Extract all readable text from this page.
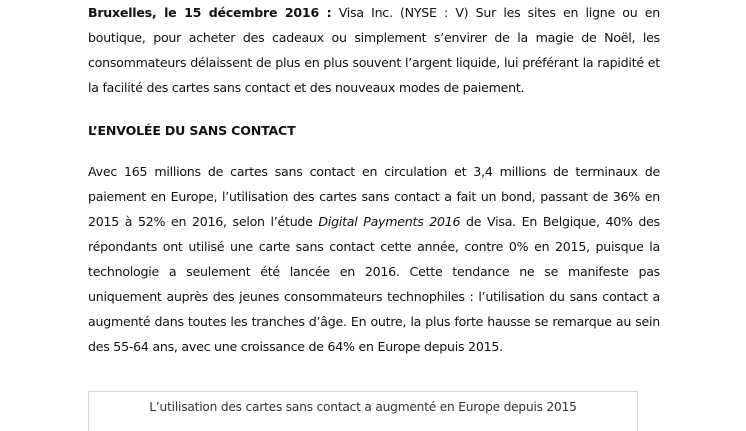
Bruxelles, le 15 décembre 2016 : Visa Inc. (NYSE : V) Sur les sites en ligne ou en boutique, pour acheter des cadeaux ou simplement s’envirer de la magie de Noël, les consommateurs délaissent de plus en plus souvent l’argent liquide, lui préférant la rapidité et la facilité des cartes sans contact et des nouveaux modes de paiement.

L’ENVOLÉE DU SANS CONTACT

Avec 165 millions de cartes sans contact en circulation et 3,4 millions de terminaux de paiement en Europe, l’utilisation des cartes sans contact a fait un bond, passant de 36% en 2015 à 52% en 2016, selon l’étude Digital Payments 2016 de Visa. En Belgique, 40% des répondants ont utilisé une carte sans contact cette année, contre 0% en 2015, puisque la technologie a seulement été lancée en 2016. Cette tendance ne se manifeste pas uniquement auprès des jeunes consommateurs technophiles : l’utilisation du sans contact a augmenté dans toutes les tranches d’âge. En outre, la plus forte hausse se remarque au sein des 55-64 ans, avec une croissance de 64% en Europe depuis 2015.

L’utilisation des cartes sans contact a augmenté en Europe depuis 2015
